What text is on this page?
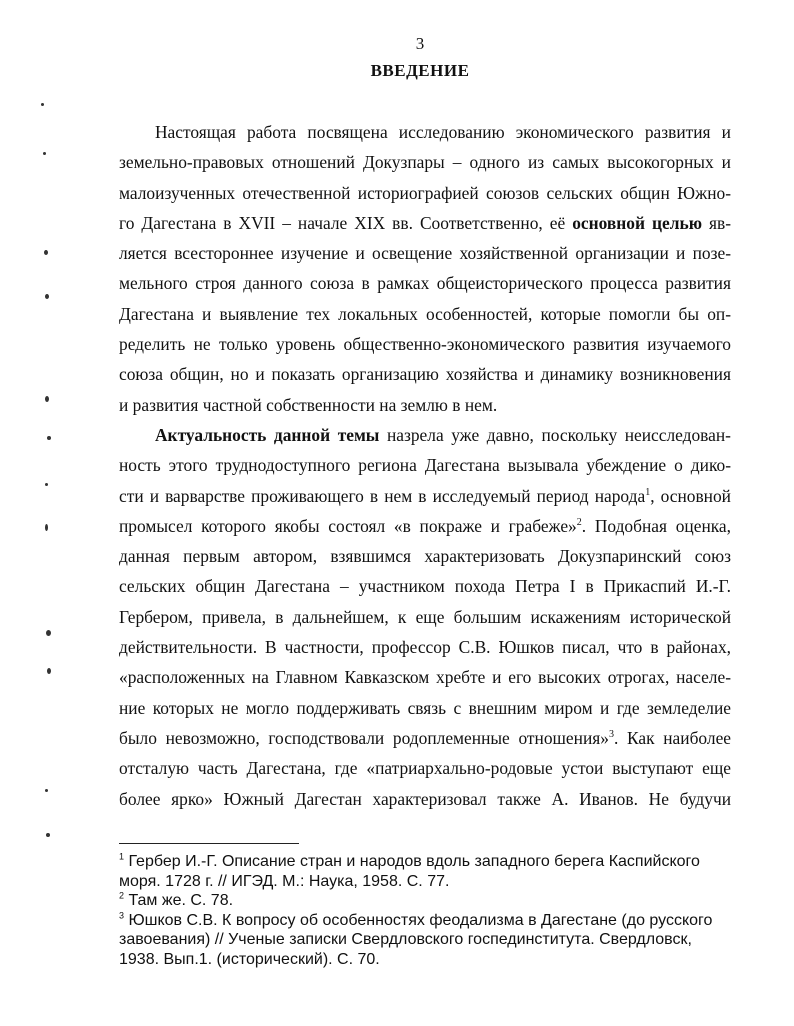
3
ВВЕДЕНИЕ
Настоящая работа посвящена исследованию экономического развития и
земельно-правовых отношений Докузпары – одного из самых высокогорных и
малоизученных отечественной историографией союзов сельских общин Южно-
го Дагестана в XVII – начале XIX вв. Соответственно, её основной целью яв-
ляется всестороннее изучение и освещение хозяйственной организации и позе-
мельного строя данного союза в рамках общеисторического процесса развития
Дагестана и выявление тех локальных особенностей, которые помогли бы оп-
ределить не только уровень общественно-экономического развития изучаемого
союза общин, но и показать организацию хозяйства и динамику возникновения
и развития частной собственности на землю в нем.
Актуальность данной темы назрела уже давно, поскольку неисследован-
ность этого труднодоступного региона Дагестана вызывала убеждение о дико-
сти и варварстве проживающего в нем в исследуемый период народа$^1$, основной
промысел которого якобы состоял «в покраже и грабеже»$^2$. Подобная оценка,
данная первым автором, взявшимся характеризовать Докузпаринский союз
сельских общин Дагестана – участником похода Петра I в Прикаспий И.-Г.
Гербером, привела, в дальнейшем, к еще большим искажениям исторической
действительности. В частности, профессор С.В. Юшков писал, что в районах,
«расположенных на Главном Кавказском хребте и его высоких отрогах, населе-
ние которых не могло поддерживать связь с внешним миром и где земледелие
было невозможно, господствовали родоплеменные отношения»$^3$. Как наиболее
отсталую часть Дагестана, где «патриархально-родовые устои выступают еще
более ярко» Южный Дагестан характеризовал также А. Иванов. Не будучи
$^1$ Гербер И.-Г. Описание стран и народов вдоль западного берега Каспийского
моря. 1728 г. // ИГЭД. М.: Наука, 1958. С. 77.
$^2$ Там же. С. 78.
$^3$ Юшков С.В. К вопросу об особенностях феодализма в Дагестане (до русского
завоевания) // Ученые записки Свердловского госпединститута. Свердловск,
1938. Вып.1. (исторический). С. 70.
